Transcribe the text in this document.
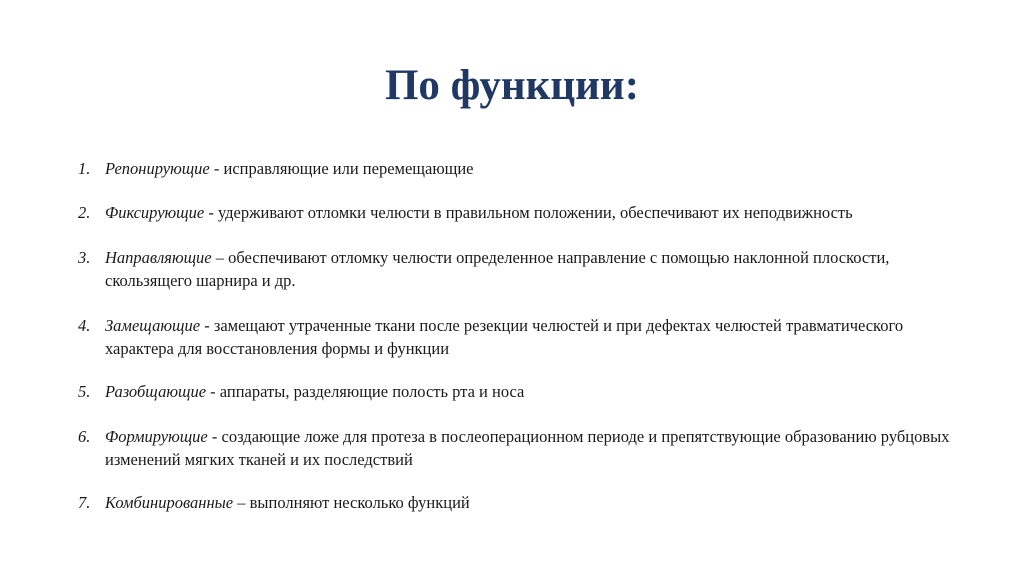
По функции:
1. Репонирующие - исправляющие или перемещающие
2. Фиксирующие - удерживают отломки челюсти в правильном положении, обеспечивают их неподвижность
3. Направляющие – обеспечивают отломку челюсти определенное направление с помощью наклонной плоскости, скользящего шарнира и др.
4. Замещающие - замещают утраченные ткани после резекции челюстей и при дефектах челюстей травматического характера для восстановления формы и функции
5. Разобщающие - аппараты, разделяющие полость рта и носа
6. Формирующие - создающие ложе для протеза в послеоперационном периоде и препятствующие образованию рубцовых изменений мягких тканей и их последствий
7. Комбинированные – выполняют несколько функций
